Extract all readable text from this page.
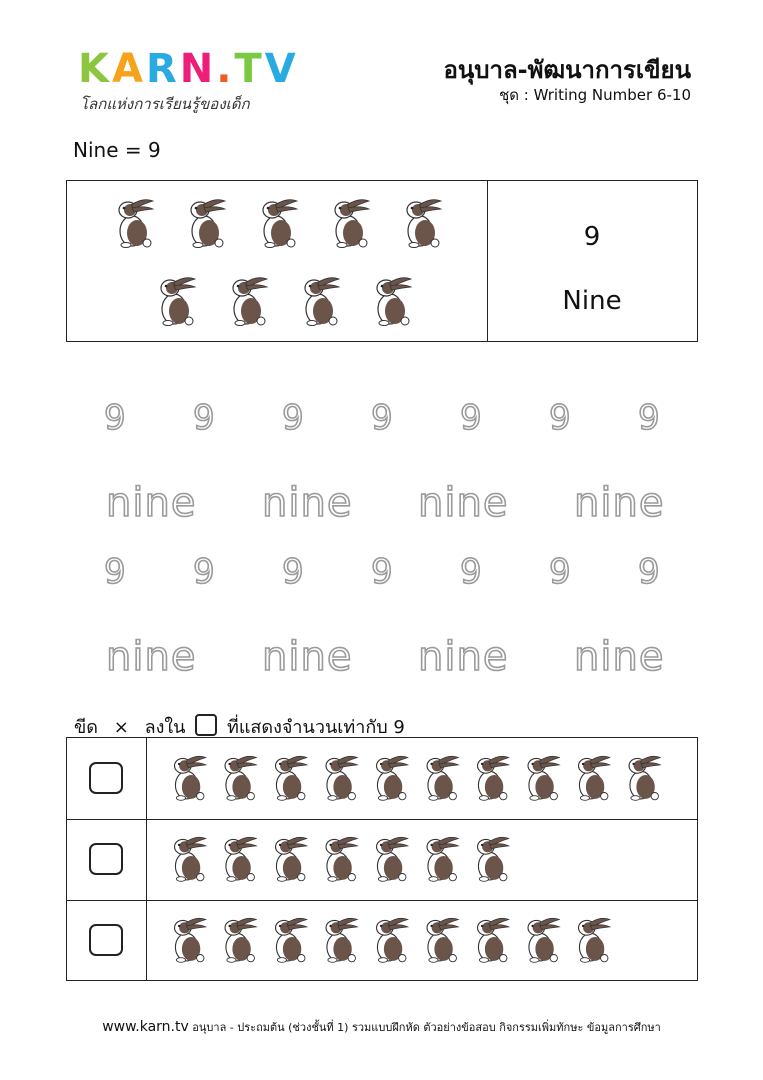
KARN.TV
โลกแห่งการเรียนรู้ของเด็ก
อนุบาล-พัฒนาการเขียน
ชุด : Writing Number 6-10
Nine = 9
9
Nine
9 9 9 9 9 9 9
9 9 9 9 9 9 9
nine nine nine nine
nine nine nine nine
ขีด × ลงใน ที่แสดงจำนวนเท่ากับ 9
www.karn.tv อนุบาล - ประถมต้น (ช่วงชั้นที่ 1) รวมแบบฝึกหัด ตัวอย่างข้อสอบ กิจกรรมเพิ่มทักษะ ข้อมูลการศึกษา
